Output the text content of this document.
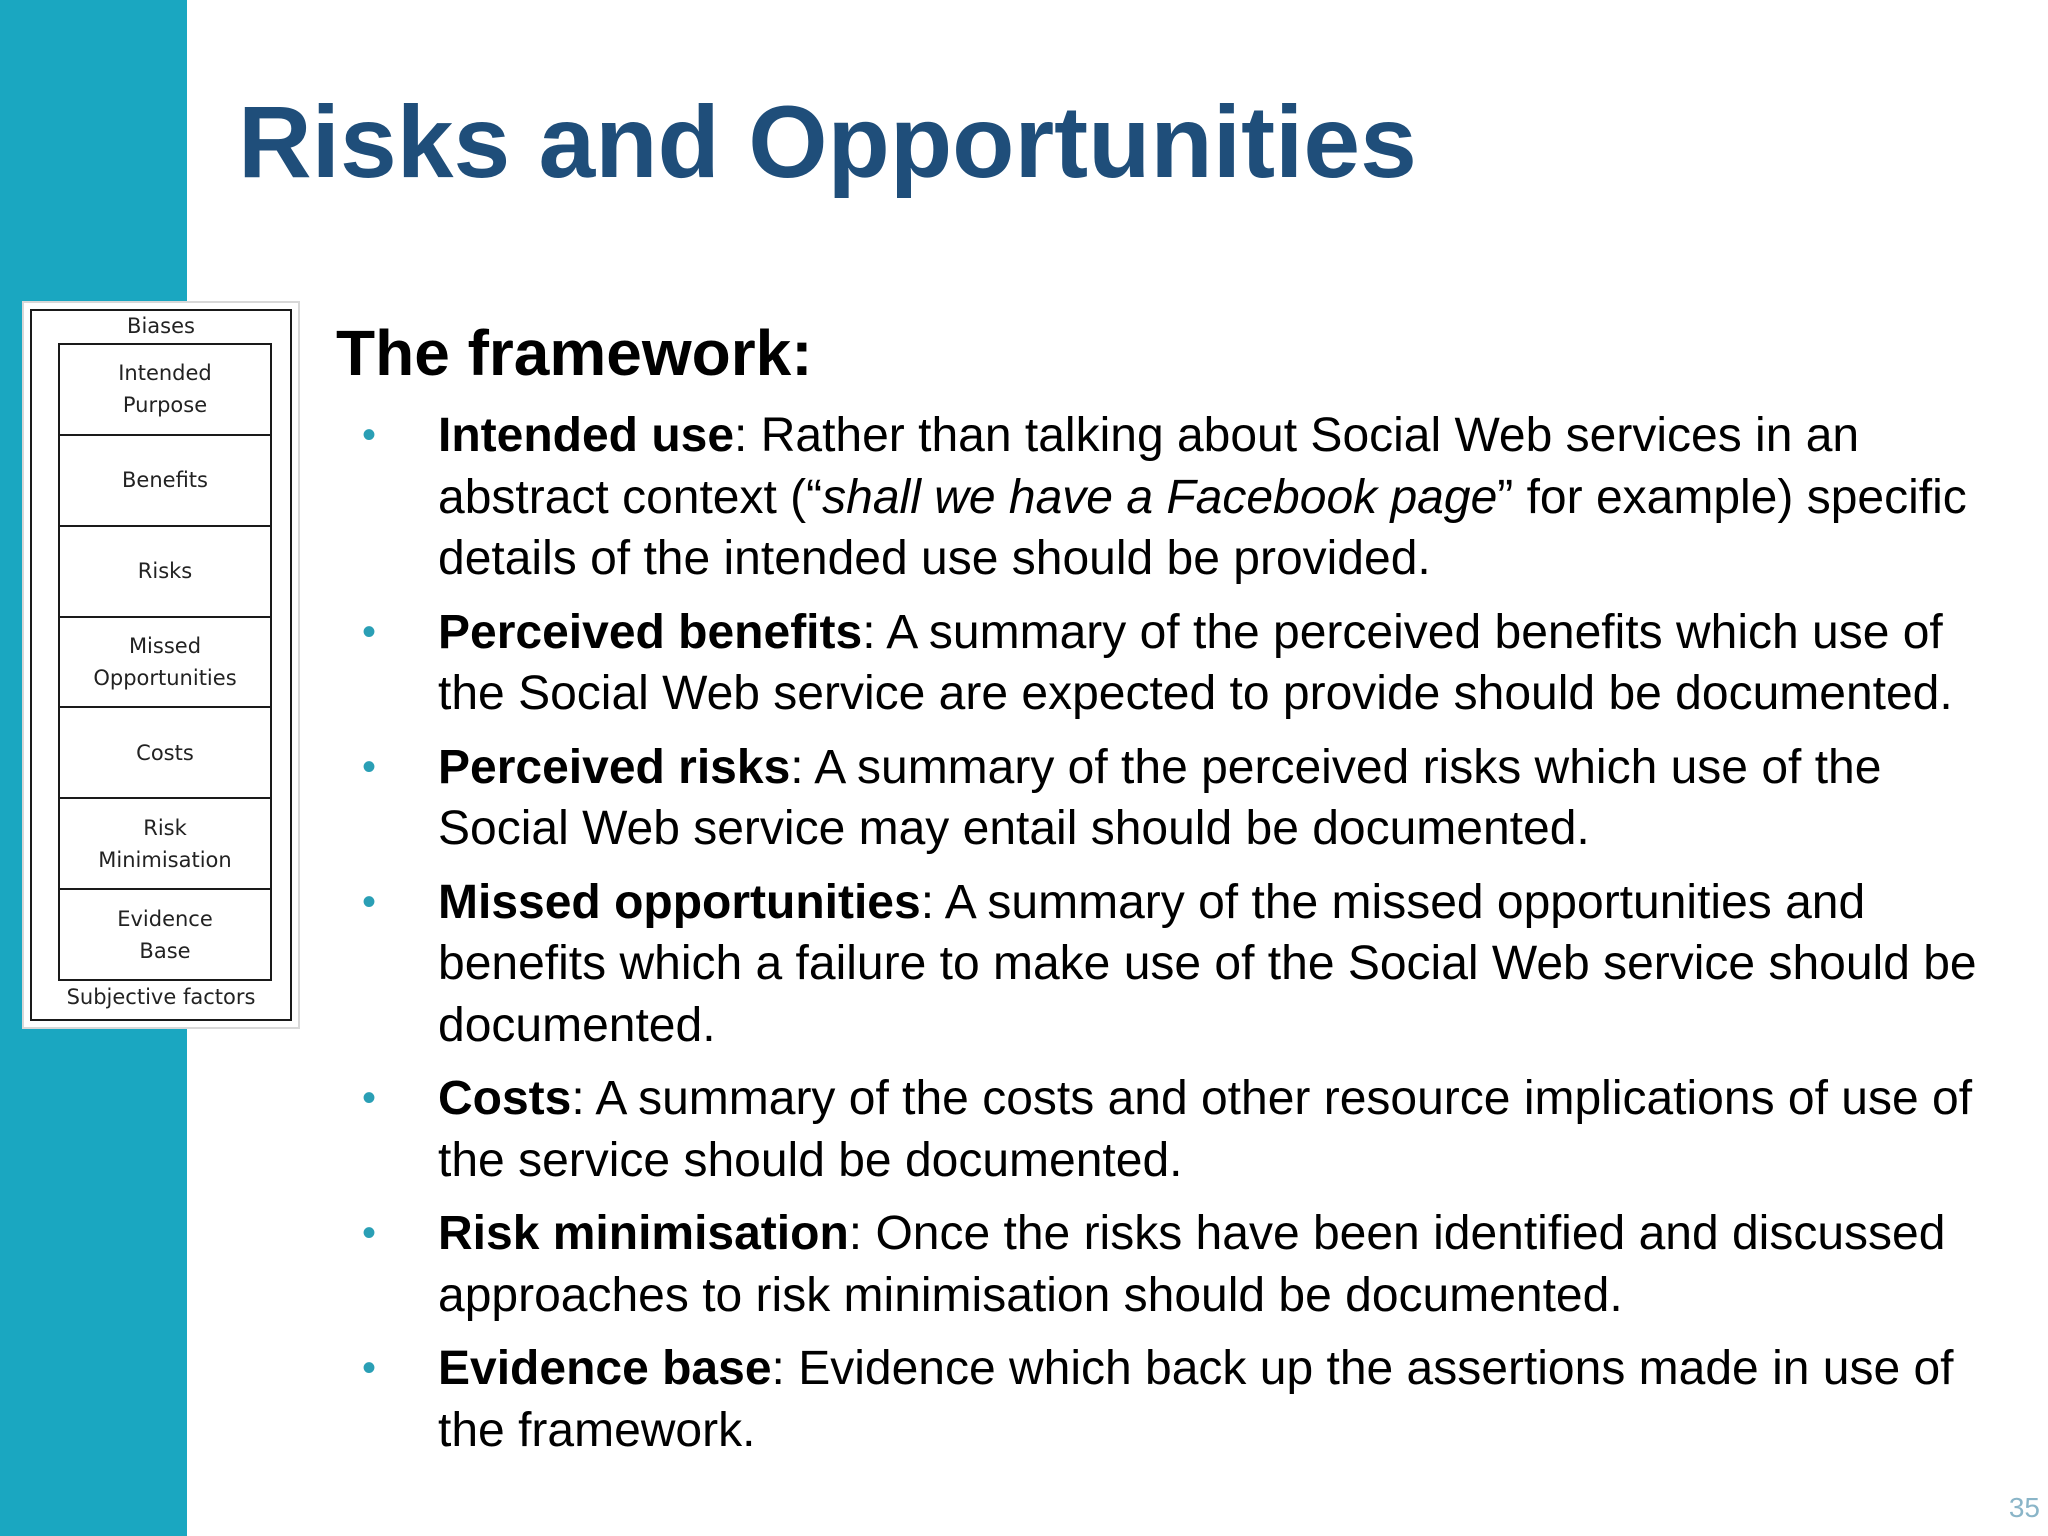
Risks and Opportunities
Biases
Intended
Purpose
Benefits
Risks
Missed
Opportunities
Costs
Risk
Minimisation
Evidence
Base
Subjective factors
The framework:
• Intended use: Rather than talking about Social Web services in an abstract context (“shall we have a Facebook page” for example) specific details of the intended use should be provided.
• Perceived benefits: A summary of the perceived benefits which use of the Social Web service are expected to provide should be documented.
• Perceived risks: A summary of the perceived risks which use of the Social Web service may entail should be documented.
• Missed opportunities: A summary of the missed opportunities and benefits which a failure to make use of the Social Web service should be documented.
• Costs: A summary of the costs and other resource implications of use of the service should be documented.
• Risk minimisation: Once the risks have been identified and discussed approaches to risk minimisation should be documented.
• Evidence base: Evidence which back up the assertions made in use of the framework.
35
